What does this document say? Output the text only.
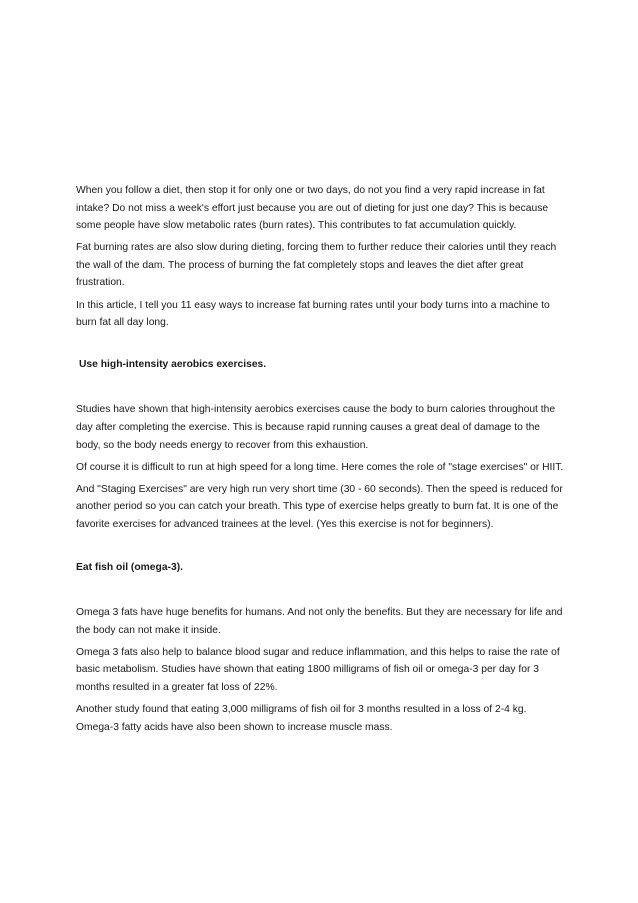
When you follow a diet, then stop it for only one or two days, do not you find a very rapid increase in fat intake? Do not miss a week's effort just because you are out of dieting for just one day? This is because some people have slow metabolic rates (burn rates). This contributes to fat accumulation quickly.

Fat burning rates are also slow during dieting, forcing them to further reduce their calories until they reach the wall of the dam. The process of burning the fat completely stops and leaves the diet after great frustration.

In this article, I tell you 11 easy ways to increase fat burning rates until your body turns into a machine to burn fat all day long.

Use high-intensity aerobics exercises.

Studies have shown that high-intensity aerobics exercises cause the body to burn calories throughout the day after completing the exercise. This is because rapid running causes a great deal of damage to the body, so the body needs energy to recover from this exhaustion.

Of course it is difficult to run at high speed for a long time. Here comes the role of "stage exercises" or HIIT.

And "Staging Exercises" are very high run very short time (30 - 60 seconds). Then the speed is reduced for another period so you can catch your breath. This type of exercise helps greatly to burn fat. It is one of the favorite exercises for advanced trainees at the level. (Yes this exercise is not for beginners).

Eat fish oil (omega-3).

Omega 3 fats have huge benefits for humans. And not only the benefits. But they are necessary for life and the body can not make it inside.

Omega 3 fats also help to balance blood sugar and reduce inflammation, and this helps to raise the rate of basic metabolism. Studies have shown that eating 1800 milligrams of fish oil or omega-3 per day for 3 months resulted in a greater fat loss of 22%.

Another study found that eating 3,000 milligrams of fish oil for 3 months resulted in a loss of 2-4 kg. Omega-3 fatty acids have also been shown to increase muscle mass.
